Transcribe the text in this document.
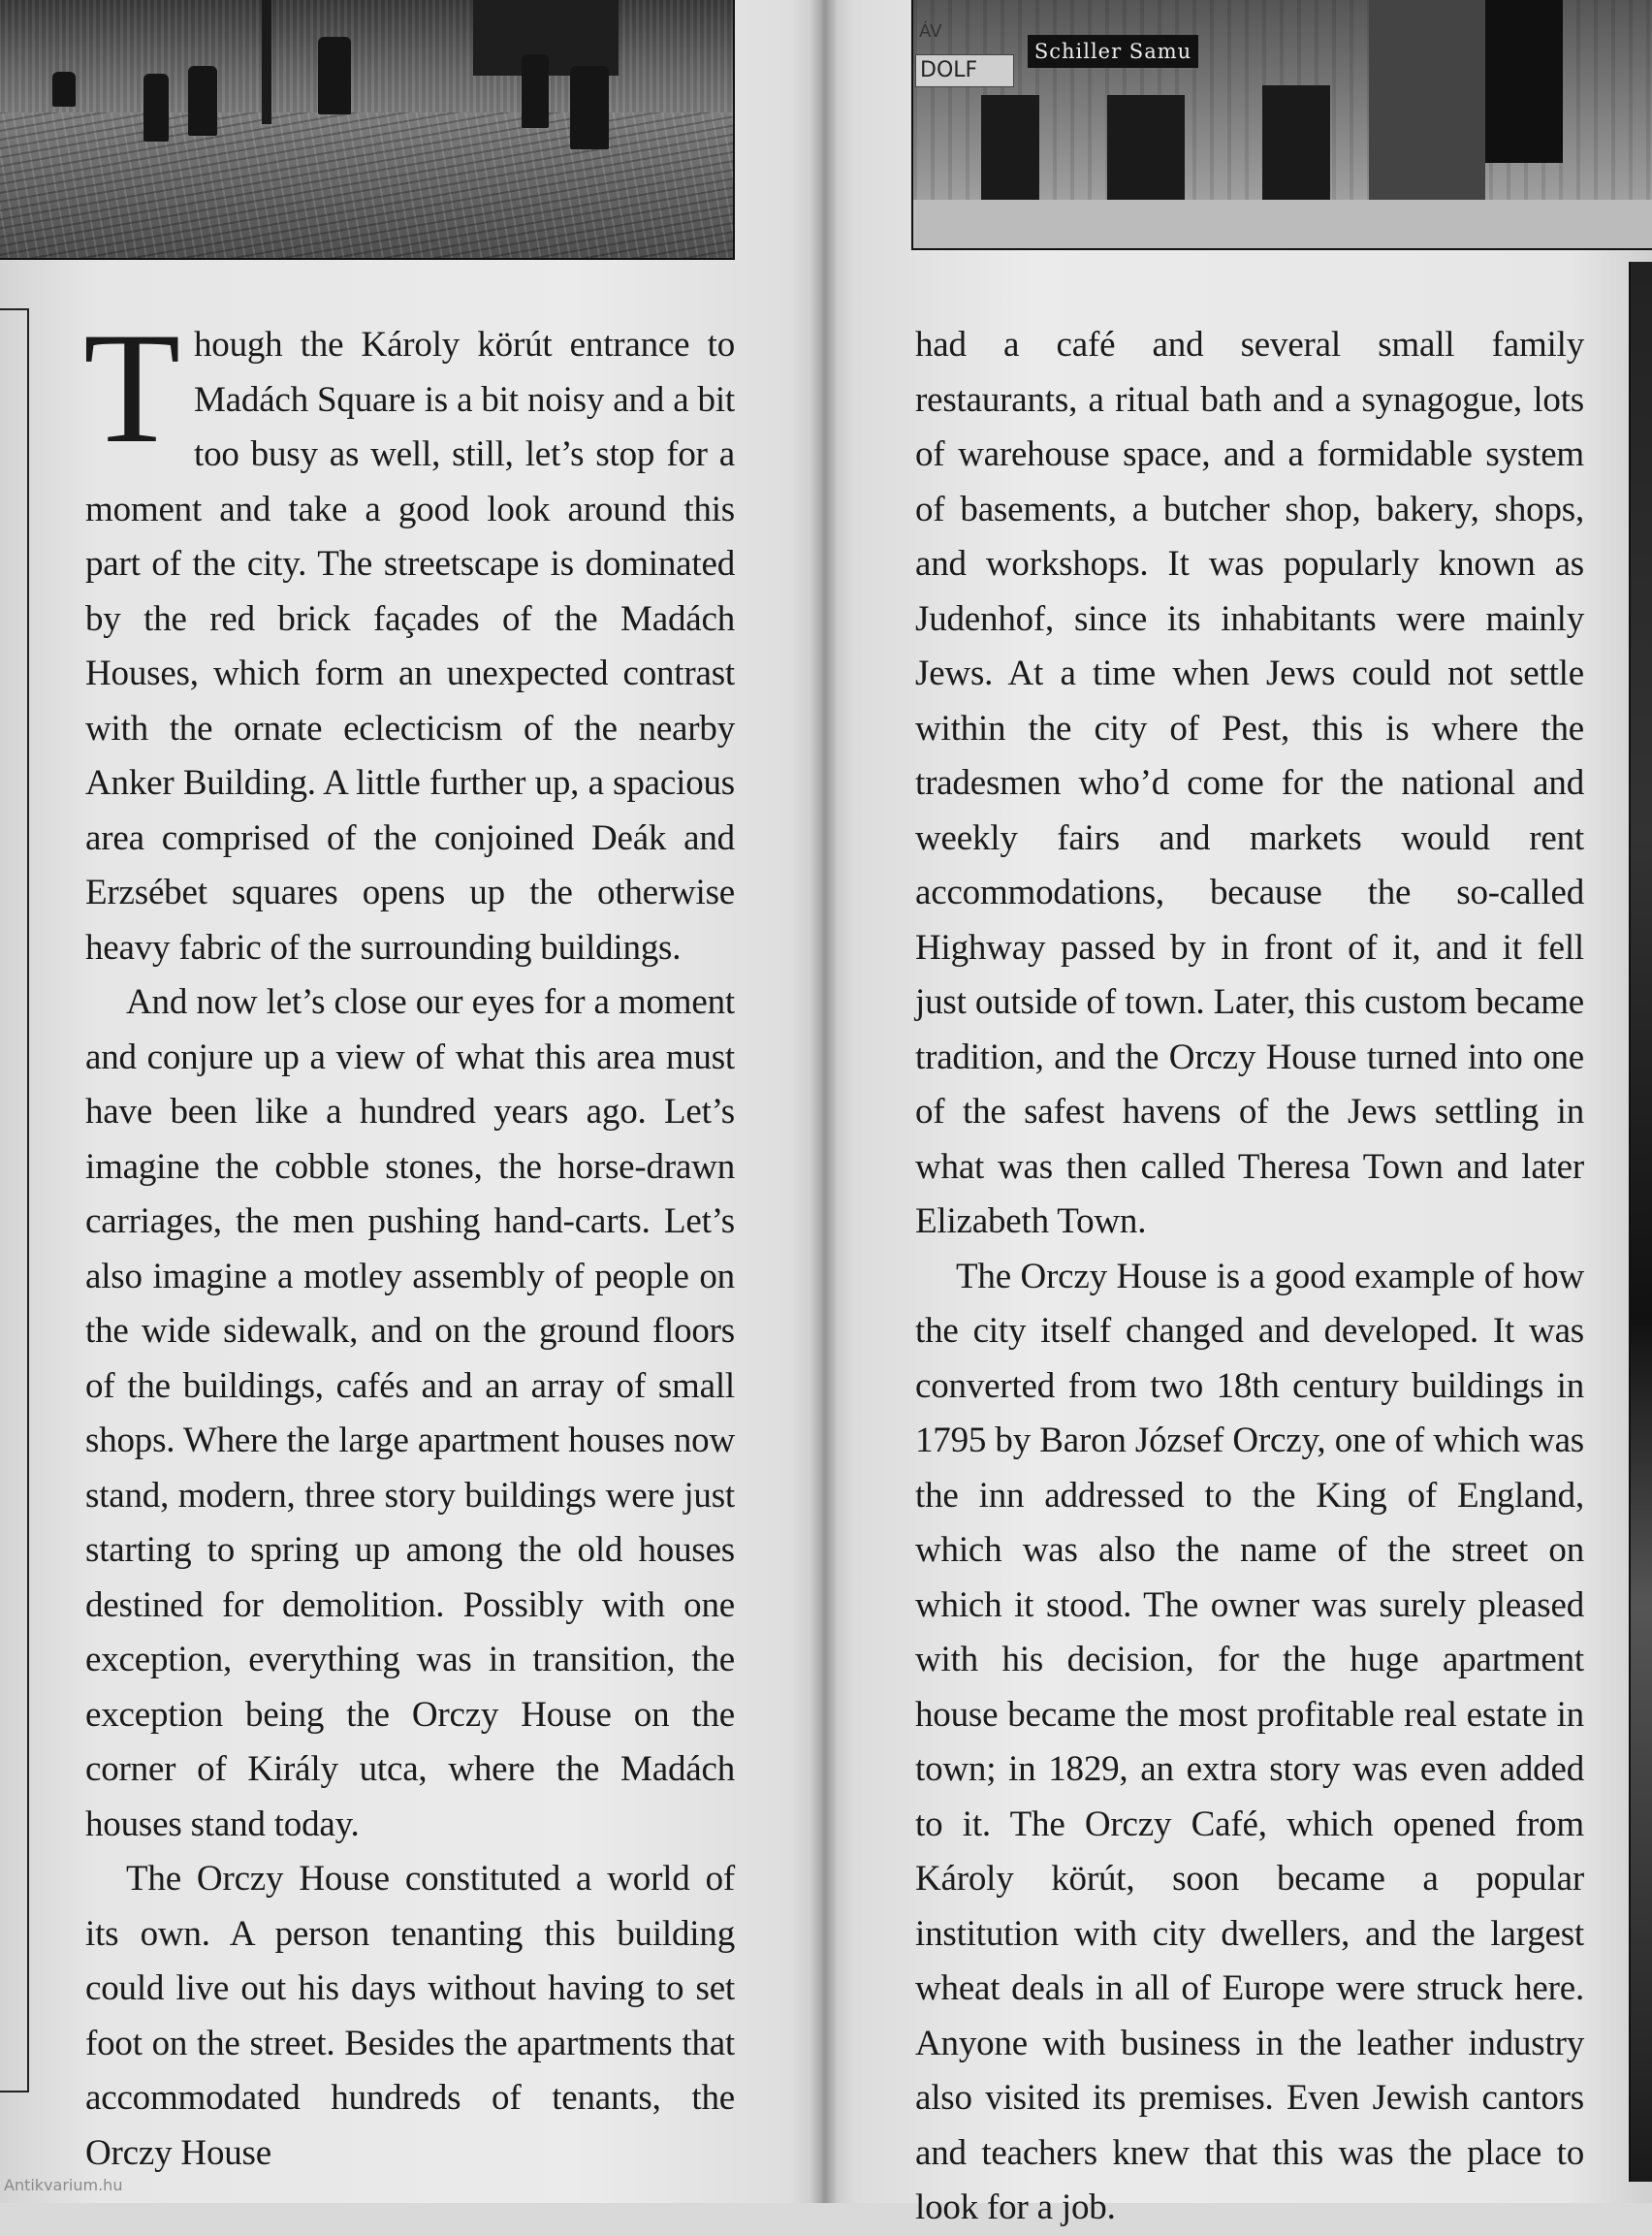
ÁV
DOLF
Schiller Samu

Though the Károly körút entrance to Madách Square is a bit noisy and a bit too busy as well, still, let’s stop for a moment and take a good look around this part of the city. The streetscape is dominated by the red brick façades of the Madách Houses, which form an unexpected contrast with the ornate eclecticism of the nearby Anker Building. A little further up, a spacious area comprised of the conjoined Deák and Erzsébet squares opens up the otherwise heavy fabric of the surrounding buildings.

And now let’s close our eyes for a moment and conjure up a view of what this area must have been like a hundred years ago. Let’s imagine the cobble stones, the horse-drawn carriages, the men pushing hand-carts. Let’s also imagine a motley assembly of people on the wide sidewalk, and on the ground floors of the buildings, cafés and an array of small shops. Where the large apartment houses now stand, modern, three story buildings were just starting to spring up among the old houses destined for demolition. Possibly with one exception, everything was in transition, the exception being the Orczy House on the corner of Király utca, where the Madách houses stand today.

The Orczy House constituted a world of its own. A person tenanting this building could live out his days without having to set foot on the street. Besides the apartments that accommodated hundreds of tenants, the Orczy House

had a café and several small family restaurants, a ritual bath and a synagogue, lots of warehouse space, and a formidable system of basements, a butcher shop, bakery, shops, and workshops. It was popularly known as Judenhof, since its inhabitants were mainly Jews. At a time when Jews could not settle within the city of Pest, this is where the tradesmen who’d come for the national and weekly fairs and markets would rent accommodations, because the so-called Highway passed by in front of it, and it fell just outside of town. Later, this custom became tradition, and the Orczy House turned into one of the safest havens of the Jews settling in what was then called Theresa Town and later Elizabeth Town.

The Orczy House is a good example of how the city itself changed and developed. It was converted from two 18th century buildings in 1795 by Baron József Orczy, one of which was the inn addressed to the King of England, which was also the name of the street on which it stood. The owner was surely pleased with his decision, for the huge apartment house became the most profitable real estate in town; in 1829, an extra story was even added to it. The Orczy Café, which opened from Károly körút, soon became a popular institution with city dwellers, and the largest wheat deals in all of Europe were struck here. Anyone with business in the leather industry also visited its premises. Even Jewish cantors and teachers knew that this was the place to look for a job.

Antikvarium.hu
